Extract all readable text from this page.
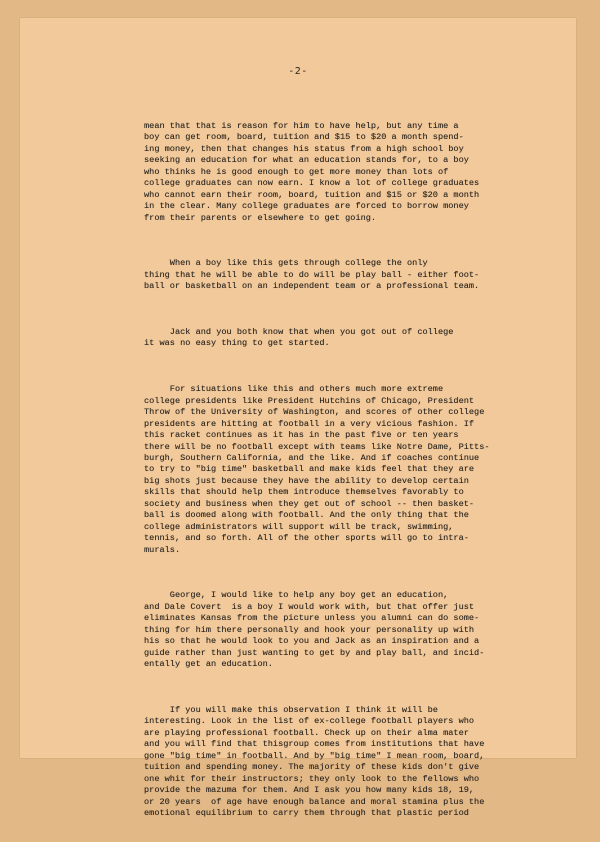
-2-

mean that that is reason for him to have help, but any time a
boy can get room, board, tuition and $15 to $20 a month spend-
ing money, then that changes his status from a high school boy
seeking an education for what an education stands for, to a boy
who thinks he is good enough to get more money than lots of
college graduates can now earn. I know a lot of college graduates
who cannot earn their room, board, tuition and $15 or $20 a month
in the clear. Many college graduates are forced to borrow money
from their parents or elsewhere to get going.

When a boy like this gets through college the only
thing that he will be able to do will be play ball - either foot-
ball or basketball on an independent team or a professional team.

Jack and you both know that when you got out of college
it was no easy thing to get started.

For situations like this and others much more extreme
college presidents like President Hutchins of Chicago, President
Throw of the University of Washington, and scores of other college
presidents are hitting at football in a very vicious fashion. If
this racket continues as it has in the past five or ten years
there will be no football except with teams like Notre Dame, Pitts-
burgh, Southern California, and the like. And if coaches continue
to try to "big time" basketball and make kids feel that they are
big shots just because they have the ability to develop certain
skills that should help them introduce themselves favorably to
society and business when they get out of school -- then basket-
ball is doomed along with football. And the only thing that the
college administrators will support will be track, swimming,
tennis, and so forth. All of the other sports will go to intra-
murals.

George, I would like to help any boy get an education,
and Dale Covert  is a boy I would work with, but that offer just
eliminates Kansas from the picture unless you alumni can do some-
thing for him there personally and hook your personality up with
his so that he would look to you and Jack as an inspiration and a
guide rather than just wanting to get by and play ball, and incid-
entally get an education.

If you will make this observation I think it will be
interesting. Look in the list of ex-college football players who
are playing professional football. Check up on their alma mater
and you will find that thisgroup comes from institutions that have
gone "big time" in football. And by "big time" I mean room, board,
tuition and spending money. The majority of these kids don't give
one whit for their instructors; they only look to the fellows who
provide the mazuma for them. And I ask you how many kids 18, 19,
or 20 years  of age have enough balance and moral stamina plus the
emotional equilibrium to carry them through that plastic period
